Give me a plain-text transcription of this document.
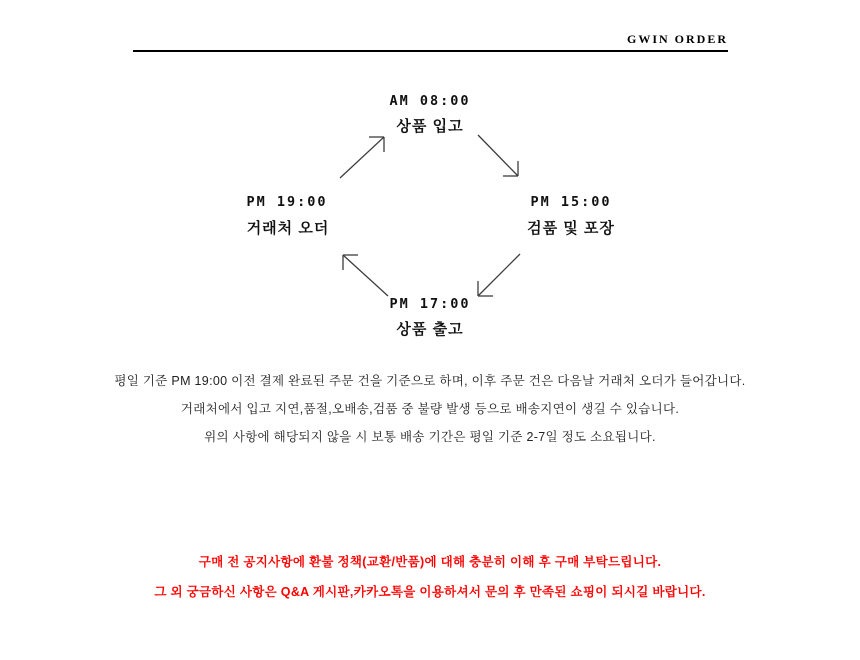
GWIN ORDER
AM 08:00
상품 입고
PM 15:00
검품 및 포장
PM 19:00
거래처 오더
PM 17:00
상품 출고
평일 기준 PM 19:00 이전 결제 완료된 주문 건을 기준으로 하며, 이후 주문 건은 다음날 거래처 오더가 들어갑니다.
거래처에서 입고 지연,품절,오배송,검품 중 불량 발생 등으로 배송지연이 생길 수 있습니다.
위의 사항에 해당되지 않을 시 보통 배송 기간은 평일 기준 2-7일 정도 소요됩니다.
구매 전 공지사항에 환불 정책(교환/반품)에 대해 충분히 이해 후 구매 부탁드립니다.
그 외 궁금하신 사항은 Q&A 게시판,카카오톡을 이용하셔서 문의 후 만족된 쇼핑이 되시길 바랍니다.
